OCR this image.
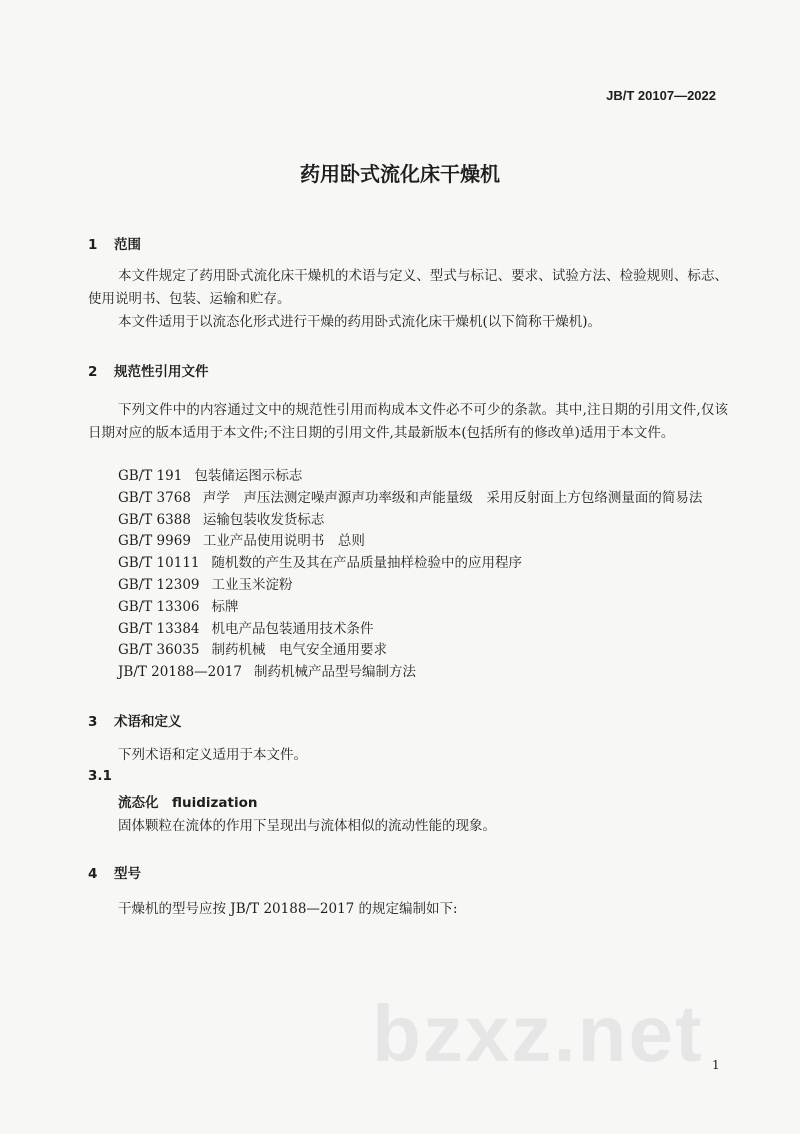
JB/T 20107—2022
药用卧式流化床干燥机
1 范围
本文件规定了药用卧式流化床干燥机的术语与定义、型式与标记、要求、试验方法、检验规则、标志、使用说明书、包装、运输和贮存。
本文件适用于以流态化形式进行干燥的药用卧式流化床干燥机(以下简称干燥机)。
2 规范性引用文件
下列文件中的内容通过文中的规范性引用而构成本文件必不可少的条款。其中,注日期的引用文件,仅该日期对应的版本适用于本文件;不注日期的引用文件,其最新版本(包括所有的修改单)适用于本文件。
GB/T 191 包装储运图示标志
GB/T 3768 声学　声压法测定噪声源声功率级和声能量级　采用反射面上方包络测量面的简易法
GB/T 6388 运输包装收发货标志
GB/T 9969 工业产品使用说明书　总则
GB/T 10111 随机数的产生及其在产品质量抽样检验中的应用程序
GB/T 12309 工业玉米淀粉
GB/T 13306 标牌
GB/T 13384 机电产品包装通用技术条件
GB/T 36035 制药机械　电气安全通用要求
JB/T 20188—2017 制药机械产品型号编制方法
3 术语和定义
下列术语和定义适用于本文件。
3.1
流态化　fluidization
固体颗粒在流体的作用下呈现出与流体相似的流动性能的现象。
4 型号
干燥机的型号应按 JB/T 20188—2017 的规定编制如下:
bzxz.net 1
